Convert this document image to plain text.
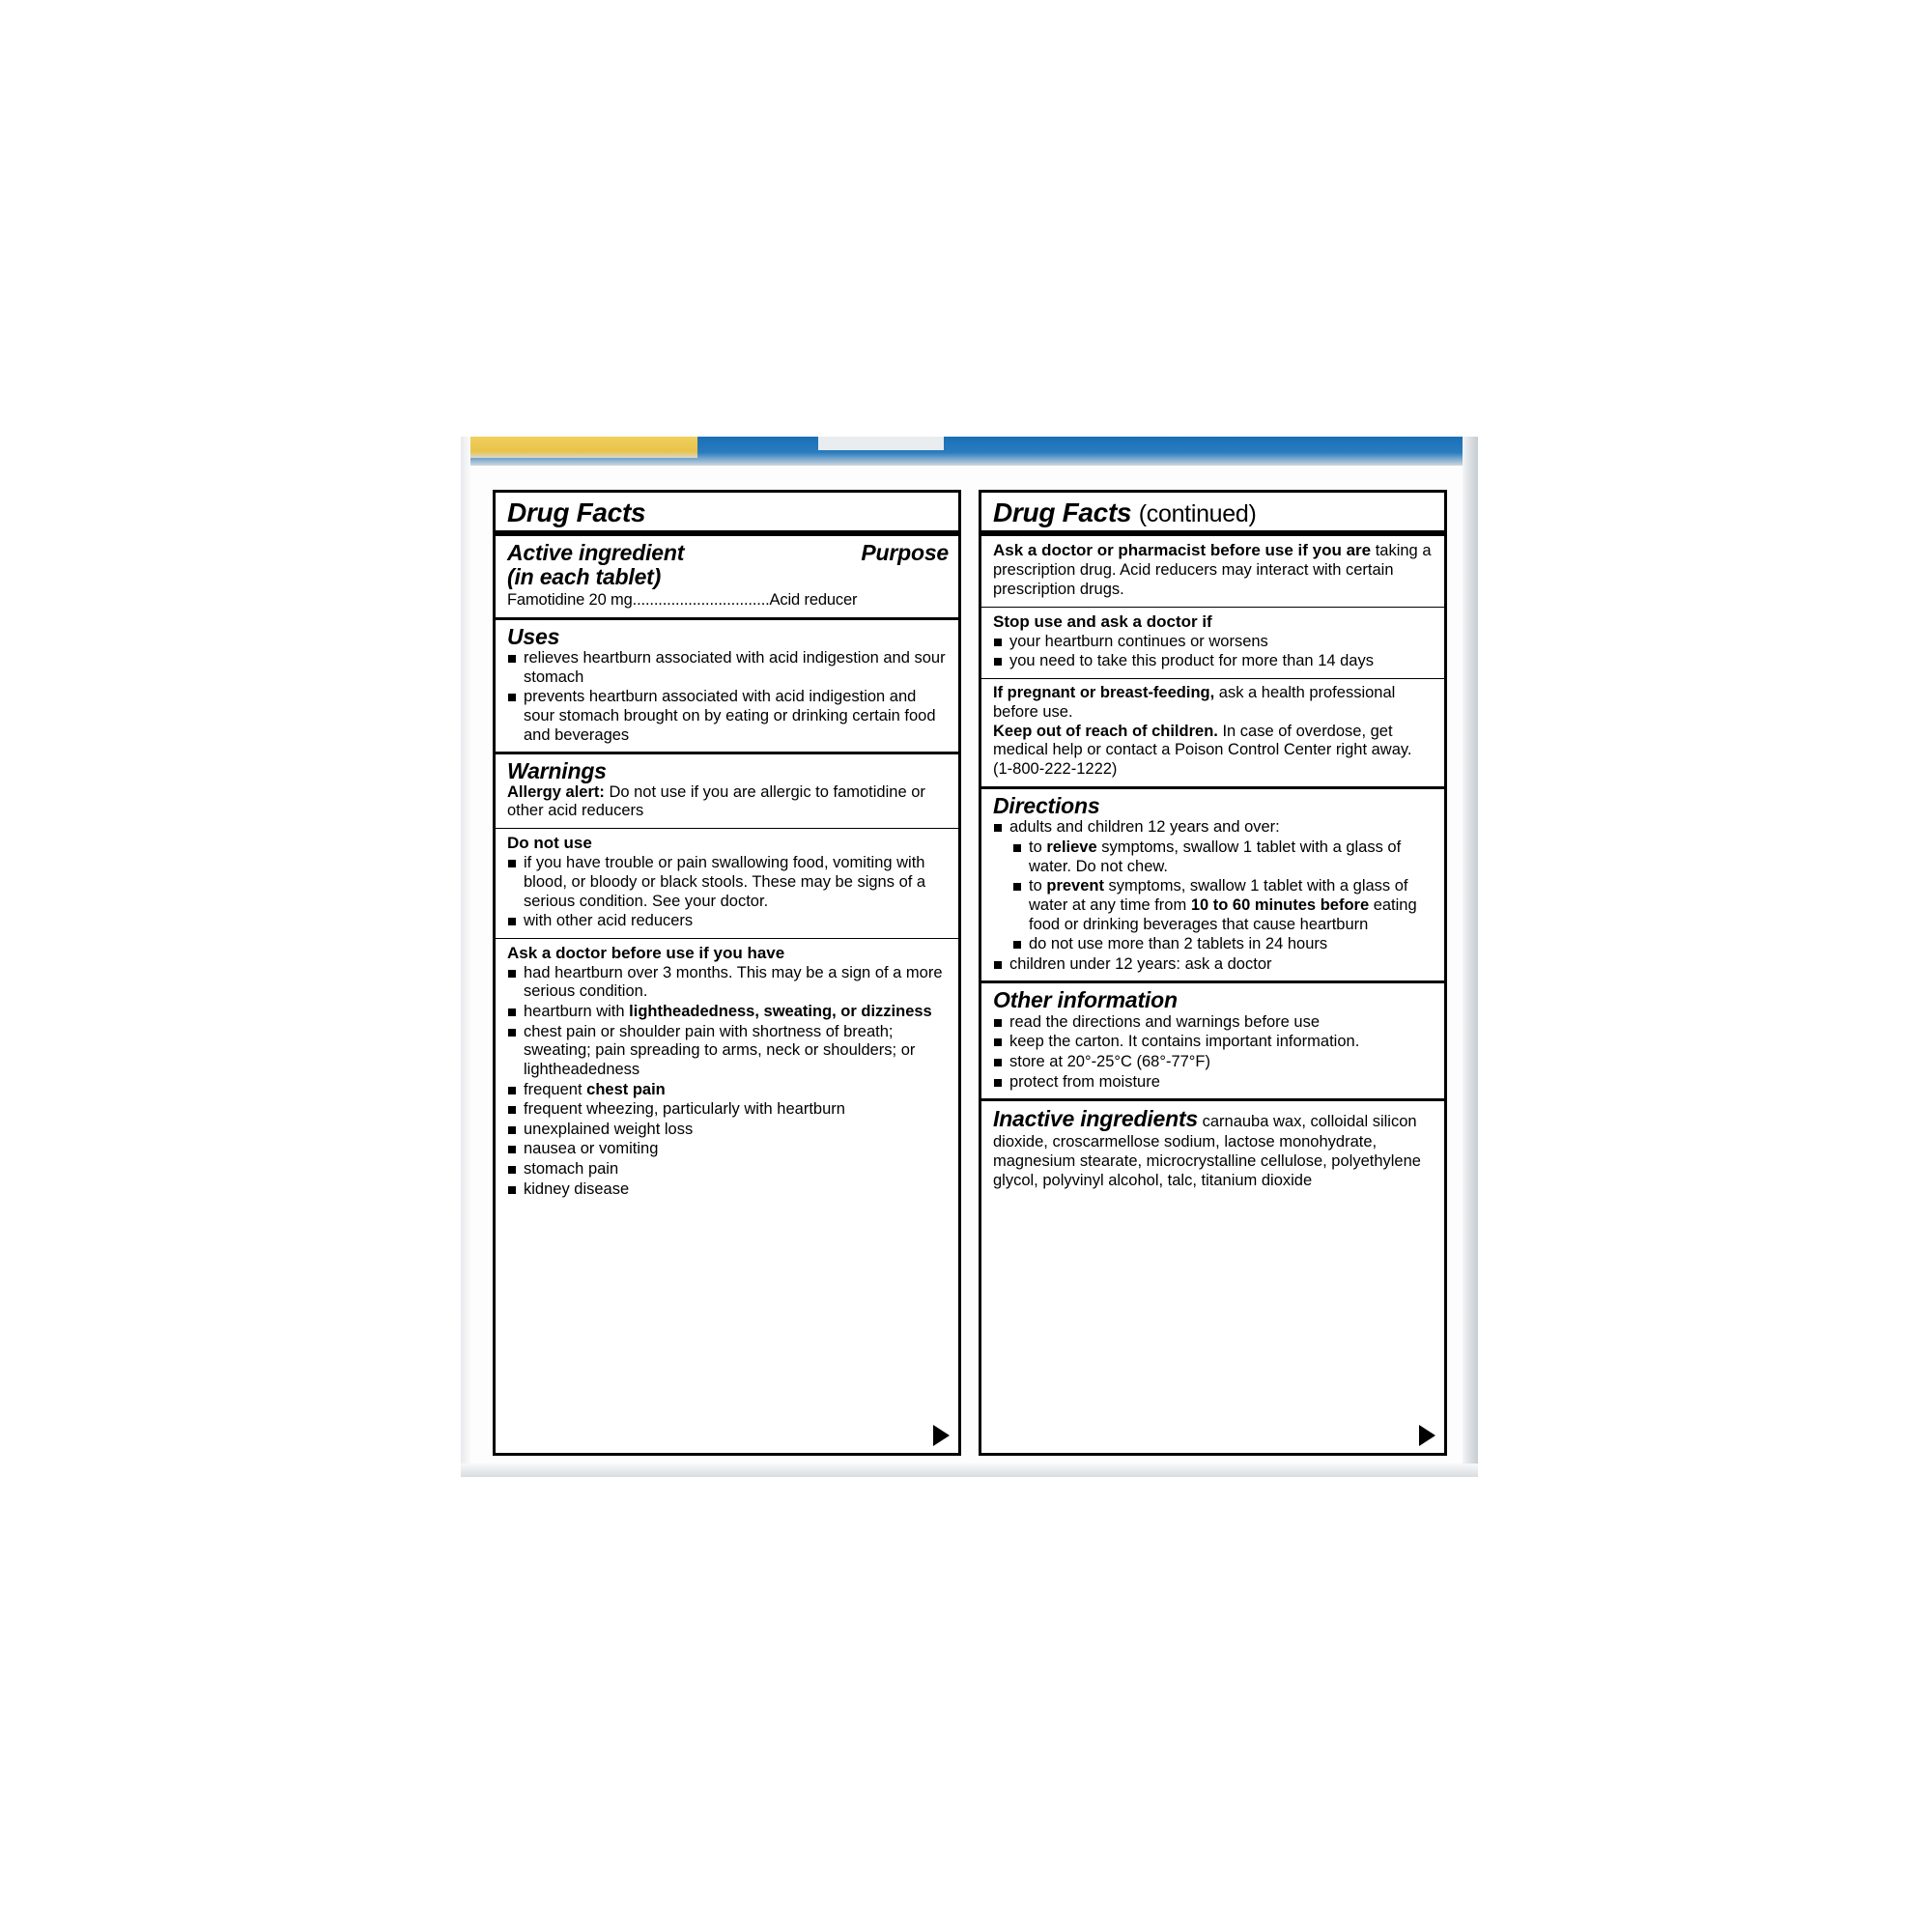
Drug Facts
Active ingredient
(in each tablet)
Purpose
Famotidine 20 mg................................Acid reducer
Uses
relieves heartburn associated with acid indigestion and sour stomach
prevents heartburn associated with acid indigestion and sour stomach brought on by eating or drinking certain food and beverages
Warnings

Allergy alert: Do not use if you are allergic to famotidine or other acid reducers

Do not use
if you have trouble or pain swallowing food, vomiting with blood, or bloody or black stools. These may be signs of a serious condition. See your doctor.
with other acid reducers
Ask a doctor before use if you have
had heartburn over 3 months. This may be a sign of a more serious condition.
heartburn with lightheadedness, sweating, or dizziness
chest pain or shoulder pain with shortness of breath; sweating; pain spreading to arms, neck or shoulders; or lightheadedness
frequent chest pain
frequent wheezing, particularly with heartburn
unexplained weight loss
nausea or vomiting
stomach pain
kidney disease
Drug Facts (continued)

Ask a doctor or pharmacist before use if you are taking a prescription drug. Acid reducers may interact with certain prescription drugs.

Stop use and ask a doctor if
your heartburn continues or worsens
you need to take this product for more than 14 days

If pregnant or breast-feeding, ask a health professional before use.

Keep out of reach of children. In case of overdose, get medical help or contact a Poison Control Center right away. (1-800-222-1222)

Directions
adults and children 12 years and over:
to relieve symptoms, swallow 1 tablet with a glass of water. Do not chew.
to prevent symptoms, swallow 1 tablet with a glass of water at any time from 10 to 60 minutes before eating food or drinking beverages that cause heartburn
do not use more than 2 tablets in 24 hours
children under 12 years: ask a doctor
Other information
read the directions and warnings before use
keep the carton. It contains important information.
store at 20°-25°C (68°-77°F)
protect from moisture

Inactive ingredients carnauba wax, colloidal silicon dioxide, croscarmellose sodium, lactose monohydrate, magnesium stearate, microcrystalline cellulose, polyethylene glycol, polyvinyl alcohol, talc, titanium dioxide
